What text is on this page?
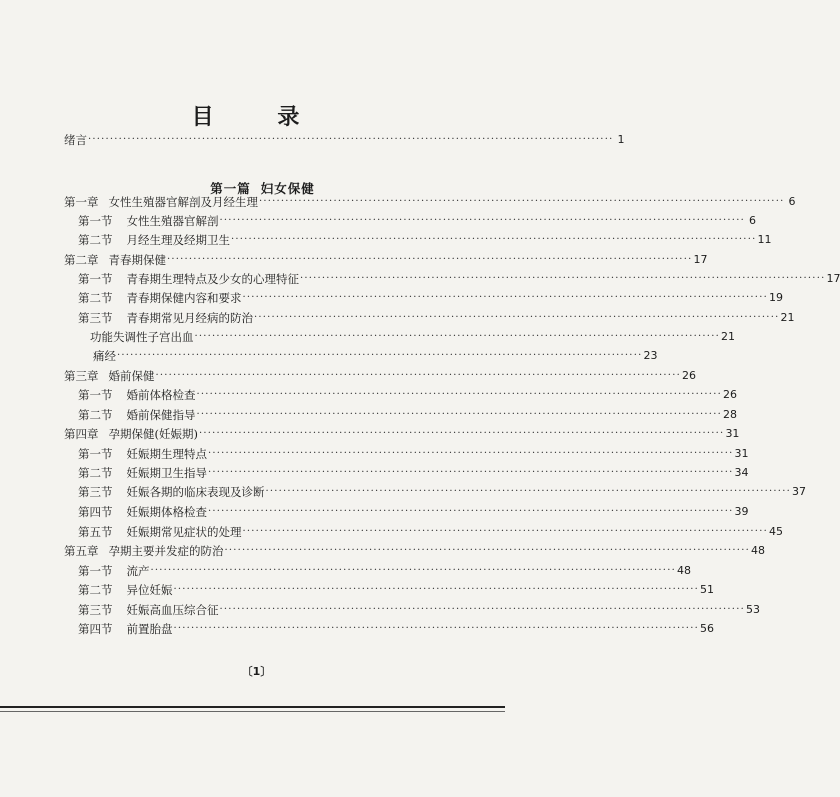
目 录
第一篇 妇女保健
绪言 ························································································································ 1
第一章 女性生殖器官解剖及月经生理 ························································································································ 6
第一节 女性生殖器官解剖 ························································································································ 6
第二节 月经生理及经期卫生 ························································································································ 11
第二章 青春期保健 ························································································································ 17
第一节 青春期生理特点及少女的心理特征 ························································································································ 17
第二节 青春期保健内容和要求 ························································································································ 19
第三节 青春期常见月经病的防治 ························································································································ 21
功能失调性子宫出血 ························································································································ 21
痛经 ························································································································ 23
第三章 婚前保健 ························································································································ 26
第一节 婚前体格检查 ························································································································ 26
第二节 婚前保健指导 ························································································································ 28
第四章 孕期保健(妊娠期) ························································································································ 31
第一节 妊娠期生理特点 ························································································································ 31
第二节 妊娠期卫生指导 ························································································································ 34
第三节 妊娠各期的临床表现及诊断 ························································································································ 37
第四节 妊娠期体格检查 ························································································································ 39
第五节 妊娠期常见症状的处理 ························································································································ 45
第五章 孕期主要并发症的防治 ························································································································ 48
第一节 流产 ························································································································ 48
第二节 异位妊娠 ························································································································ 51
第三节 妊娠高血压综合征 ························································································································ 53
第四节 前置胎盘 ························································································································ 56
〔1〕
